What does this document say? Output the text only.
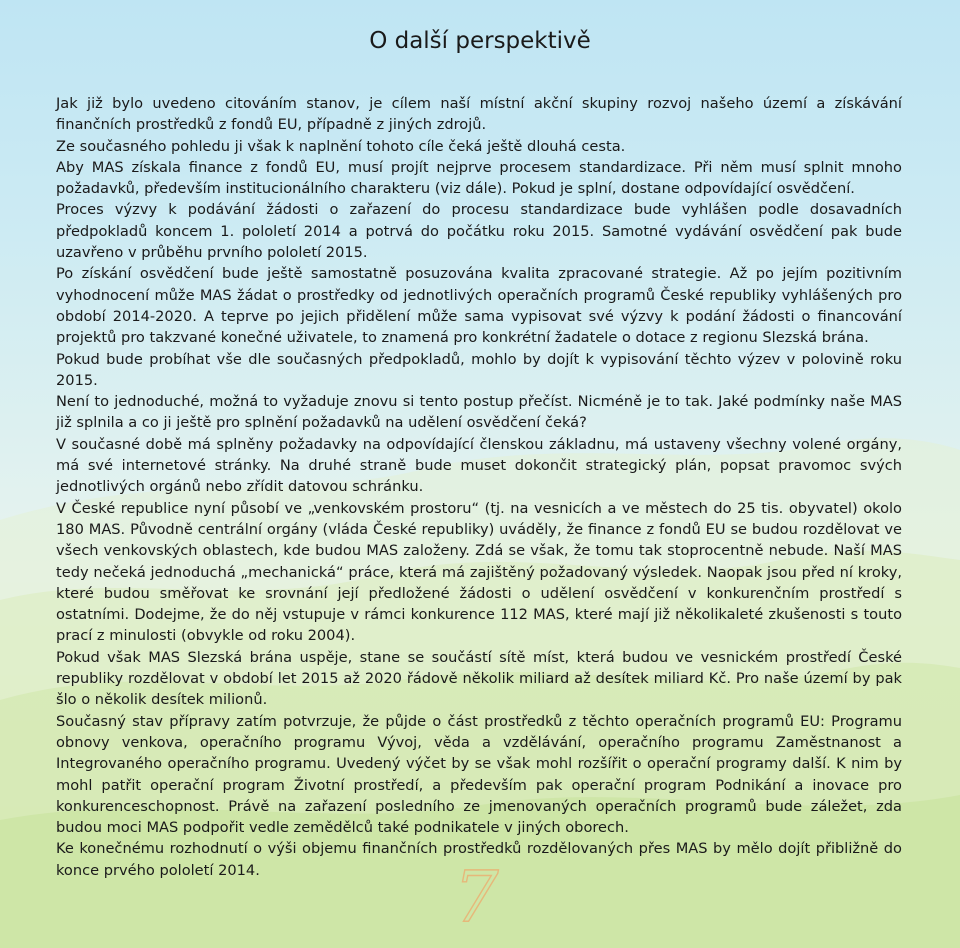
O další perspektivě

Jak již bylo uvedeno citováním stanov, je cílem naší místní akční skupiny rozvoj našeho území a získávání finančních prostředků z fondů EU, případně z jiných zdrojů.

Ze současného pohledu ji však k naplnění tohoto cíle čeká ještě dlouhá cesta.

Aby MAS získala finance z fondů EU, musí projít nejprve procesem standardizace. Při něm musí splnit mnoho požadavků, především institucionálního charakteru (viz dále). Pokud je splní, dostane odpovídající osvědčení.

Proces výzvy k podávání žádosti o zařazení do procesu standardizace bude vyhlášen podle dosavadních předpokladů koncem 1. pololetí 2014 a potrvá do počátku roku 2015. Samotné vydávání osvědčení pak bude uzavřeno v průběhu prvního pololetí 2015.

Po získání osvědčení bude ještě samostatně posuzována kvalita zpracované strategie. Až po jejím pozitivním vyhodnocení může MAS žádat o prostředky od jednotlivých operačních programů České republiky vyhlášených pro období 2014-2020. A teprve po jejich přidělení může sama vypisovat své výzvy k podání žádosti o financování projektů pro takzvané konečné uživatele, to znamená pro konkrétní žadatele o dotace z regionu Slezská brána.

Pokud bude probíhat vše dle současných předpokladů, mohlo by dojít k vypisování těchto výzev v polovině roku 2015.

Není to jednoduché, možná to vyžaduje znovu si tento postup přečíst. Nicméně je to tak. Jaké podmínky naše MAS již splnila a co ji ještě pro splnění požadavků na udělení osvědčení čeká?

V současné době má splněny požadavky na odpovídající členskou základnu, má ustaveny všechny volené orgány, má své internetové stránky. Na druhé straně bude muset dokončit strategický plán, popsat pravomoc svých jednotlivých orgánů nebo zřídit datovou schránku.

V České republice nyní působí ve „venkovském prostoru“ (tj. na vesnicích a ve městech do 25 tis. obyvatel) okolo 180 MAS. Původně centrální orgány (vláda České republiky) uváděly, že finance z fondů EU se budou rozdělovat ve všech venkovských oblastech, kde budou MAS založeny. Zdá se však, že tomu tak stoprocentně nebude. Naší MAS tedy nečeká jednoduchá „mechanická“ práce, která má zajištěný požadovaný výsledek. Naopak jsou před ní kroky, které budou směřovat ke srovnání její předložené žádosti o udělení osvědčení v konkurenčním prostředí s ostatními. Dodejme, že do něj vstupuje v rámci konkurence 112 MAS, které mají již několikaleté zkušenosti s touto prací z minulosti (obvykle od roku 2004).

Pokud však MAS Slezská brána uspěje, stane se součástí sítě míst, která budou ve vesnickém prostředí České republiky rozdělovat v období let 2015 až 2020 řádově několik miliard až desítek miliard Kč. Pro naše území by pak šlo o několik desítek milionů.

Současný stav přípravy zatím potvrzuje, že půjde o část prostředků z těchto operačních programů EU: Programu obnovy venkova, operačního programu Vývoj, věda a vzdělávání, operačního programu Zaměstnanost a Integrovaného operačního programu. Uvedený výčet by se však mohl rozšířit o operační programy další. K nim by mohl patřit operační program Životní prostředí, a především pak operační program Podnikání a inovace pro konkurenceschopnost. Právě na zařazení posledního ze jmenovaných operačních programů bude záležet, zda budou moci MAS podpořit vedle zemědělců také podnikatele v jiných oborech.

Ke konečnému rozhodnutí o výši objemu finančních prostředků rozdělovaných přes MAS by mělo dojít přibližně do konce prvého pololetí 2014.	7
